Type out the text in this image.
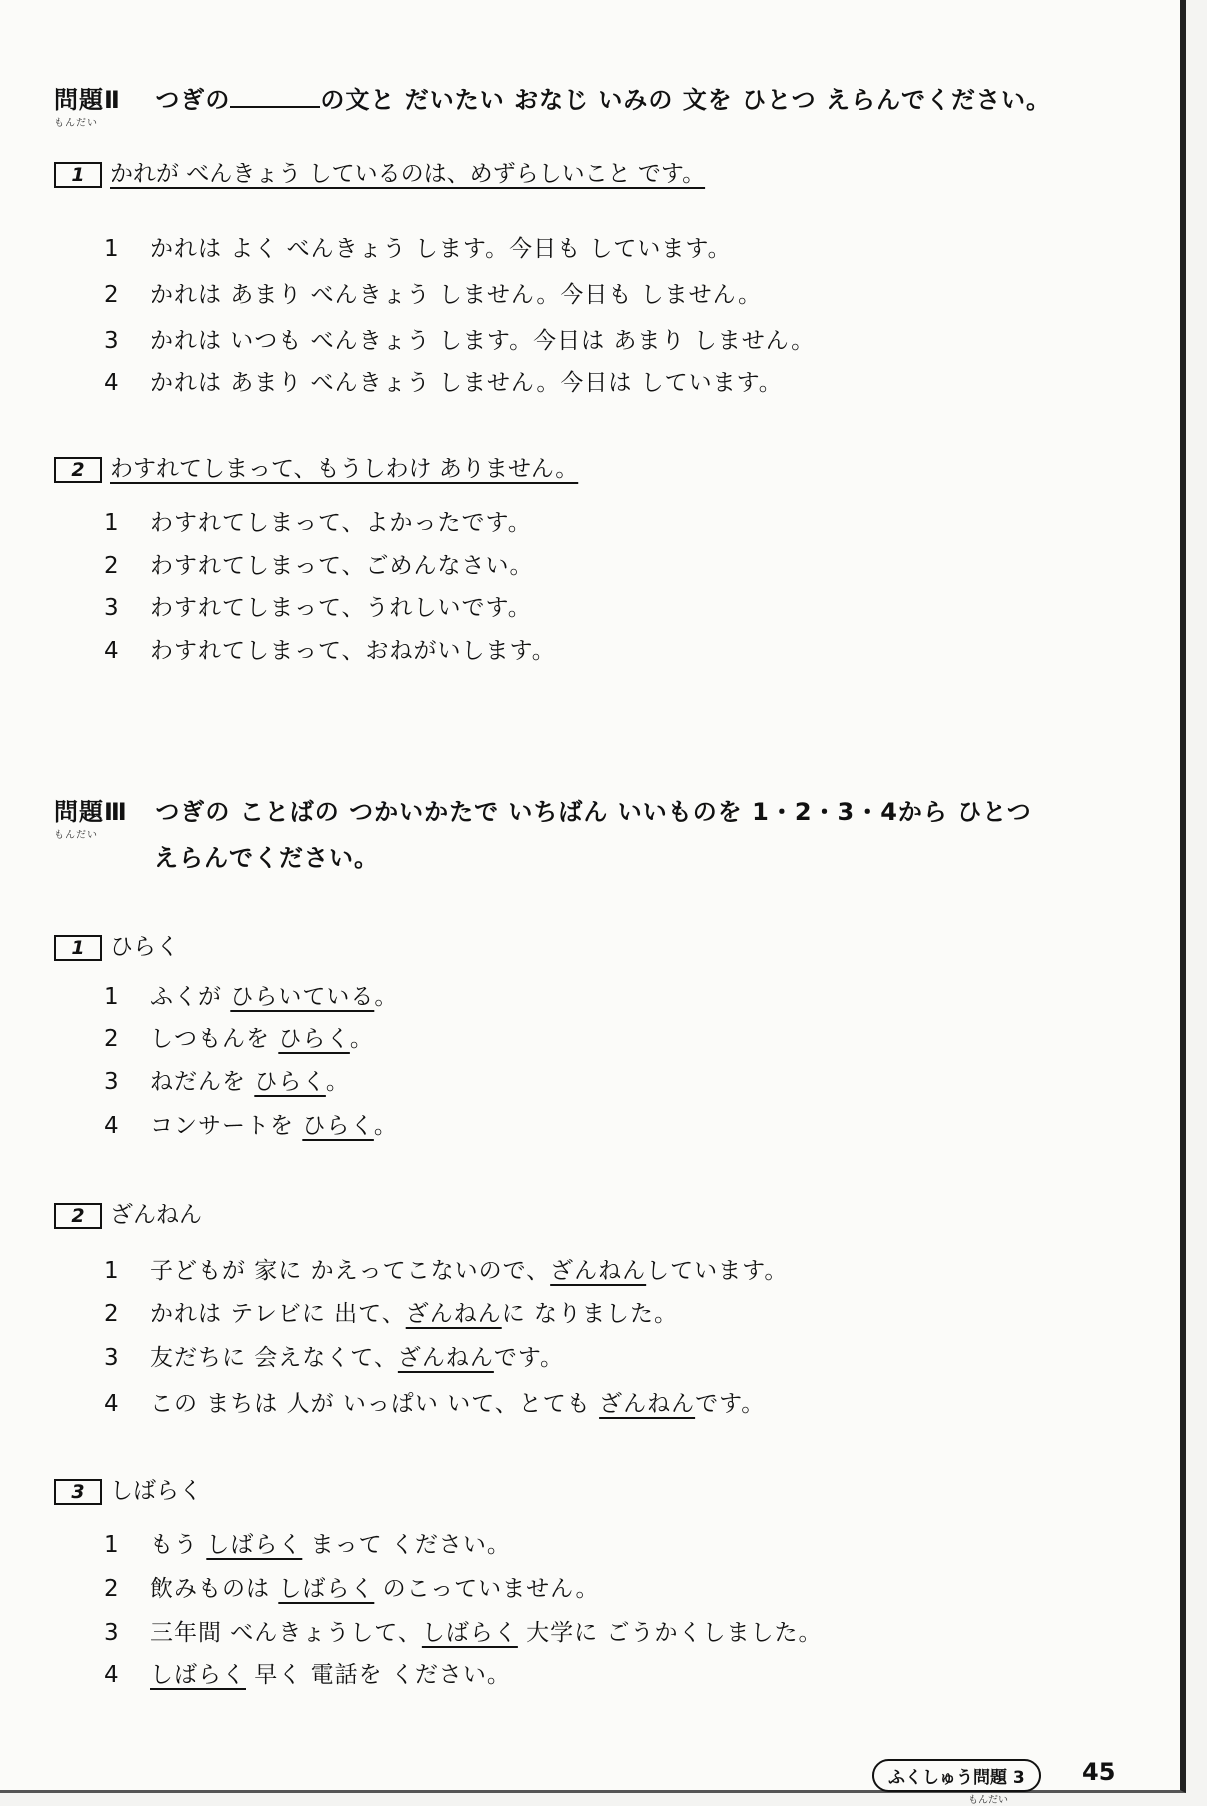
問題Ⅱ つぎの	の文と だいたい おなじ いみの 文を ひとつ えらんでください。
もんだい
1 かれが べんきょう しているのは、めずらしいこと です。
1 かれは よく べんきょう します。今日も しています。
2 かれは あまり べんきょう しません。今日も しません。
3 かれは いつも べんきょう します。今日は あまり しません。
4 かれは あまり べんきょう しません。今日は しています。
2 わすれてしまって、もうしわけ ありません。
1 わすれてしまって、よかったです。
2 わすれてしまって、ごめんなさい。
3 わすれてしまって、うれしいです。
4 わすれてしまって、おねがいします。
問題Ⅲ つぎの ことばの つかいかたで いちばん いいものを 1・2・3・4から ひとつ
えらんでください。
もんだい
1 ひらく
1 ふくが ひらいている。
2 しつもんを ひらく。
3 ねだんを ひらく。
4 コンサートを ひらく。
2 ざんねん
1 子どもが 家に かえってこないので、ざんねんしています。
2 かれは テレビに 出て、ざんねんに なりました。
3 友だちに 会えなくて、ざんねんです。
4 この まちは 人が いっぱい いて、とても ざんねんです。
3 しばらく
1 もう しばらく まって ください。
2 飲みものは しばらく のこっていません。
3 三年間 べんきょうして、しばらく 大学に ごうかくしました。
4 しばらく 早く 電話を ください。
ふくしゅう問題 3
もんだい
45
